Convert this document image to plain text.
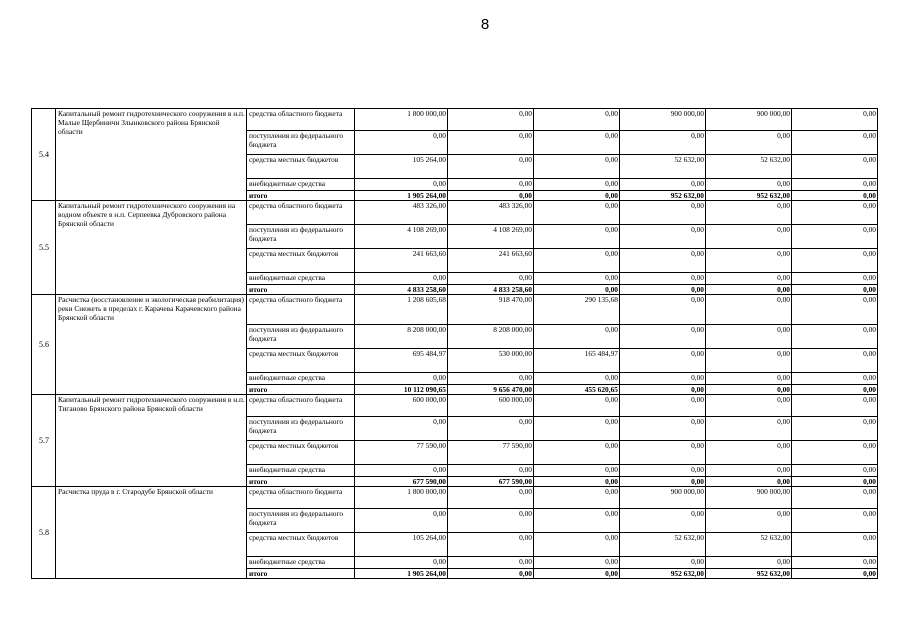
8
5.4	Капитальный ремонт гидротехнического сооружения в н.п. Малые Щербиничи Злынковского района Брянской области	средства областного бюджета	1 800 000,00	0,00	0,00	900 000,00	900 000,00	0,00
		поступления из федерального бюджета	0,00	0,00	0,00	0,00	0,00	0,00
		средства местных бюджетов	105 264,00	0,00	0,00	52 632,00	52 632,00	0,00
		внебюджетные средства	0,00	0,00	0,00	0,00	0,00	0,00
		итого	1 905 264,00	0,00	0,00	952 632,00	952 632,00	0,00
5.5	Капитальный ремонт гидротехнического сооружения на водном объекте в н.п. Серпеевка Дубровского района Брянской области	средства областного бюджета	483 326,00	483 326,00	0,00	0,00	0,00	0,00
		поступления из федерального бюджета	4 108 269,00	4 108 269,00	0,00	0,00	0,00	0,00
		средства местных бюджетов	241 663,60	241 663,60	0,00	0,00	0,00	0,00
		внебюджетные средства	0,00	0,00	0,00	0,00	0,00	0,00
		итого	4 833 258,60	4 833 258,60	0,00	0,00	0,00	0,00
5.6	Расчистка (восстановление и экологическая реабилитация) реки Снежеть в пределах г. Карачева Карачевского района Брянской области	средства областного бюджета	1 208 605,68	918 470,00	290 135,68	0,00	0,00	0,00
		поступления из федерального бюджета	8 208 000,00	8 208 000,00	0,00	0,00	0,00	0,00
		средства местных бюджетов	695 484,97	530 000,00	165 484,97	0,00	0,00	0,00
		внебюджетные средства	0,00	0,00	0,00	0,00	0,00	0,00
		итого	10 112 090,65	9 656 470,00	455 620,65	0,00	0,00	0,00
5.7	Капитальный ремонт гидротехнического сооружения в н.п. Тиганово Брянского района Брянской области	средства областного бюджета	600 000,00	600 000,00	0,00	0,00	0,00	0,00
		поступления из федерального бюджета	0,00	0,00	0,00	0,00	0,00	0,00
		средства местных бюджетов	77 590,00	77 590,00	0,00	0,00	0,00	0,00
		внебюджетные средства	0,00	0,00	0,00	0,00	0,00	0,00
		итого	677 590,00	677 590,00	0,00	0,00	0,00	0,00
5.8	Расчистка пруда в г. Стародубе Брянской области	средства областного бюджета	1 800 000,00	0,00	0,00	900 000,00	900 000,00	0,00
		поступления из федерального бюджета	0,00	0,00	0,00	0,00	0,00	0,00
		средства местных бюджетов	105 264,00	0,00	0,00	52 632,00	52 632,00	0,00
		внебюджетные средства	0,00	0,00	0,00	0,00	0,00	0,00
		итого	1 905 264,00	0,00	0,00	952 632,00	952 632,00	0,00
